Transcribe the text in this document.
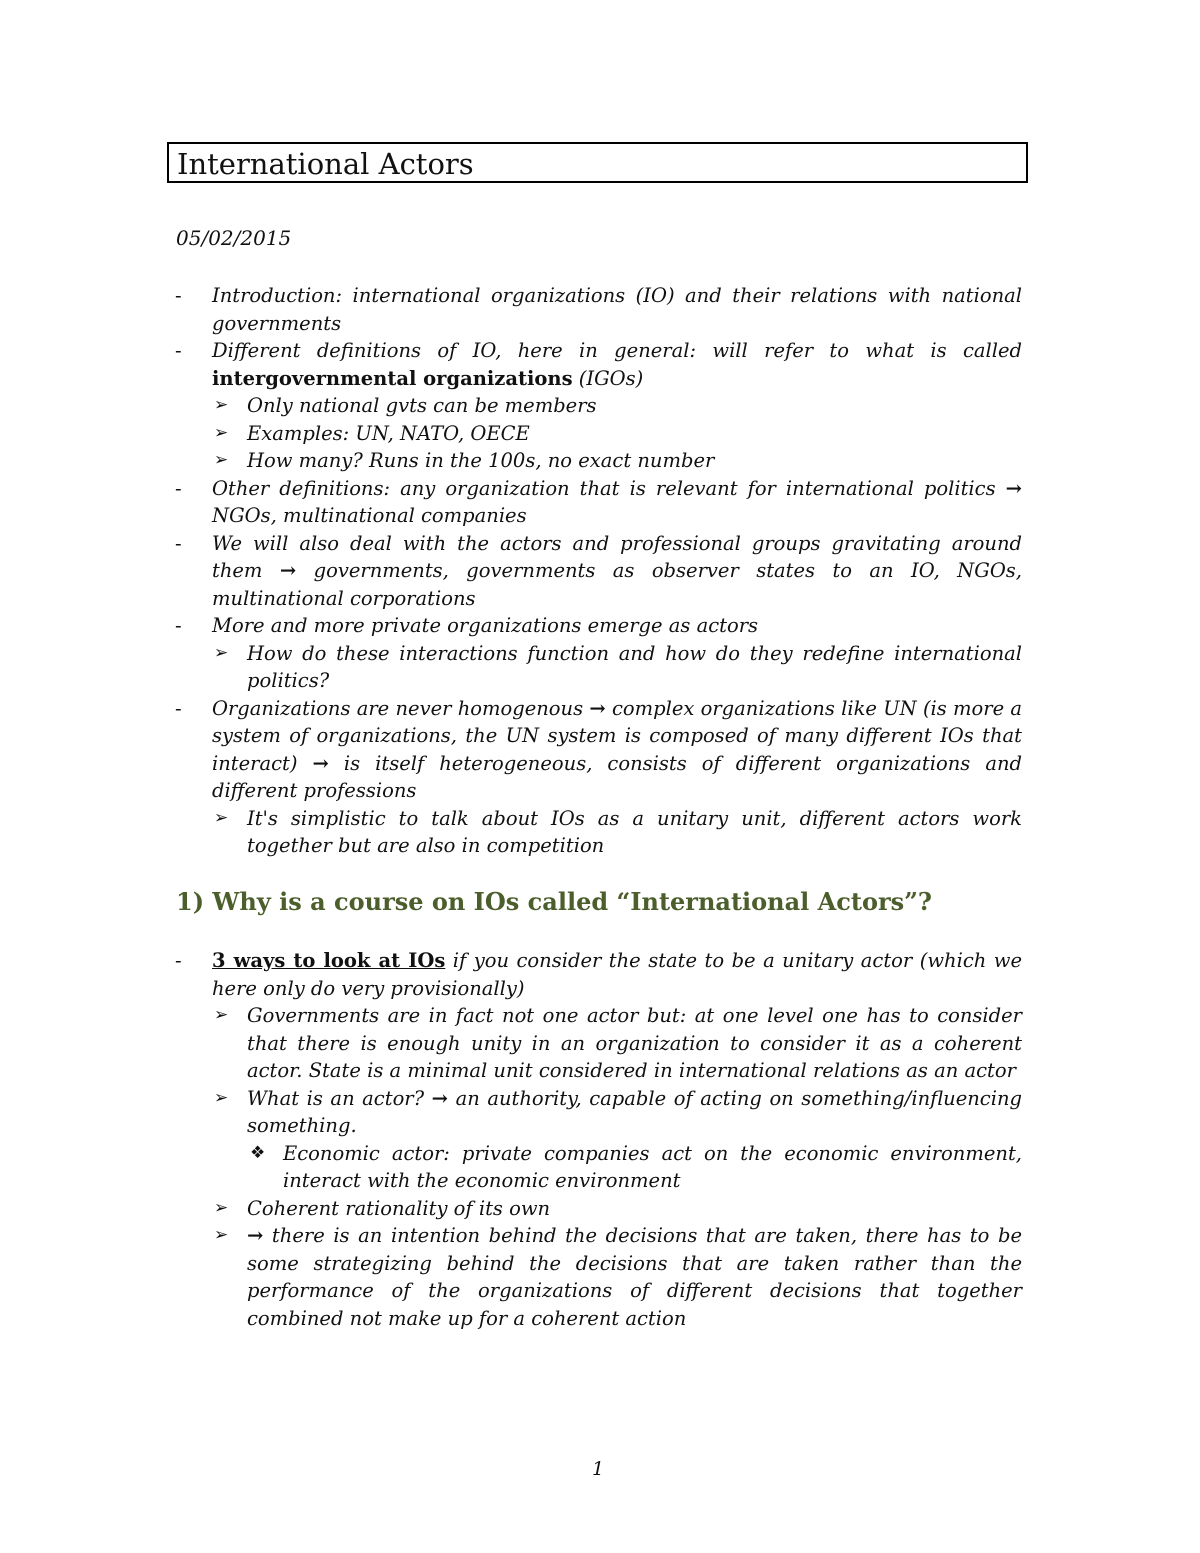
International Actors
05/02/2015
- Introduction: international organizations (IO) and their relations with national governments
- Different definitions of IO, here in general: will refer to what is called intergovernmental organizations (IGOs)
➢ Only national gvts can be members
➢ Examples: UN, NATO, OECE
➢ How many? Runs in the 100s, no exact number
- Other definitions: any organization that is relevant for international politics → NGOs, multinational companies
- We will also deal with the actors and professional groups gravitating around them → governments, governments as observer states to an IO, NGOs, multinational corporations
- More and more private organizations emerge as actors
➢ How do these interactions function and how do they redefine international politics?
- Organizations are never homogenous → complex organizations like UN (is more a system of organizations, the UN system is composed of many different IOs that interact) → is itself heterogeneous, consists of different organizations and different professions
➢ It's simplistic to talk about IOs as a unitary unit, different actors work together but are also in competition
1) Why is a course on IOs called “International Actors”?
- 3 ways to look at IOs if you consider the state to be a unitary actor (which we here only do very provisionally)
➢ Governments are in fact not one actor but: at one level one has to consider that there is enough unity in an organization to consider it as a coherent actor. State is a minimal unit considered in international relations as an actor
➢ What is an actor? → an authority, capable of acting on something/influencing something.
❖ Economic actor: private companies act on the economic environment, interact with the economic environment
➢ Coherent rationality of its own
➢ → there is an intention behind the decisions that are taken, there has to be some strategizing behind the decisions that are taken rather than the performance of the organizations of different decisions that together combined not make up for a coherent action
1
